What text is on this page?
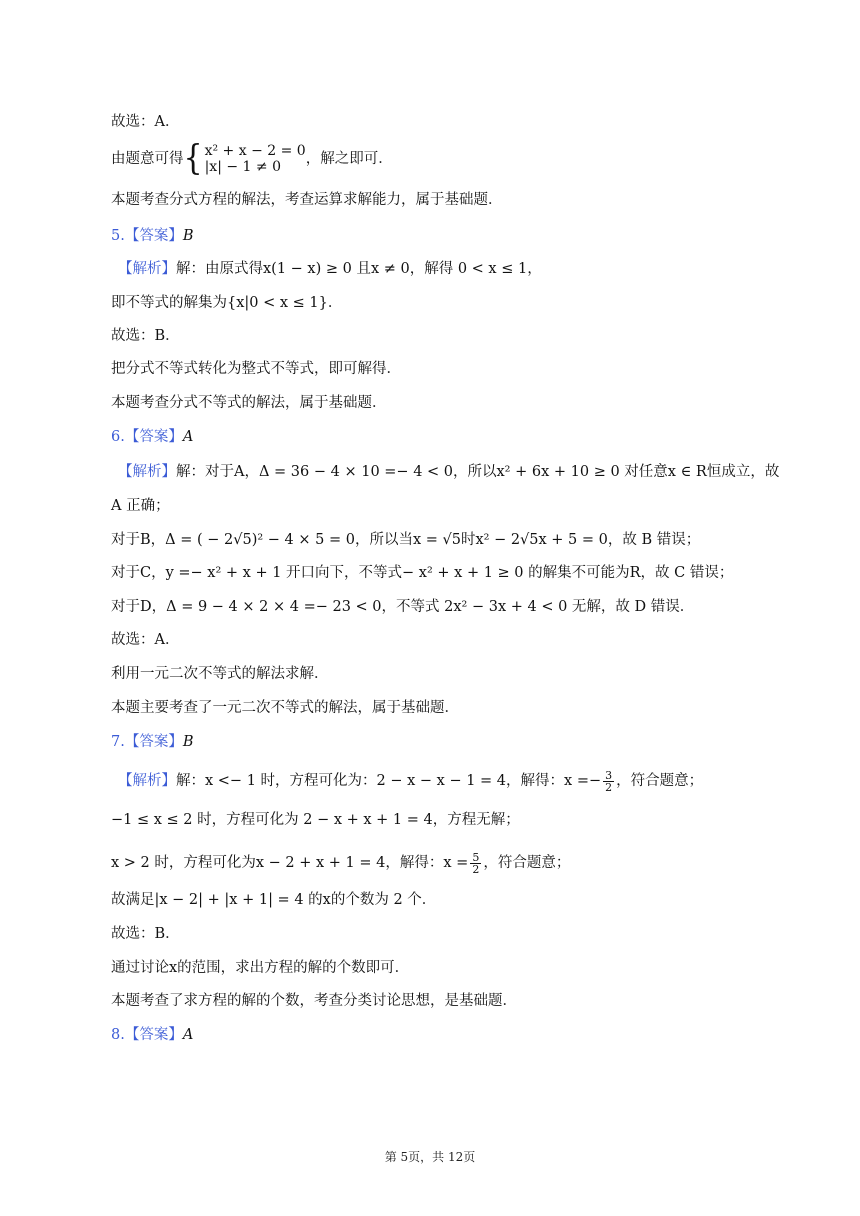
故选：A．
由题意可得{ x² + x − 2 = 0
|x| − 1 ≠ 0	，解之即可．
本题考查分式方程的解法，考查运算求解能力，属于基础题．
5.【答案】B
【解析】解：由原式得x(1 − x) ≥ 0 且x ≠ 0，解得 0 < x ≤ 1，
即不等式的解集为{x|0 < x ≤ 1}．
故选：B．
把分式不等式转化为整式不等式，即可解得．
本题考查分式不等式的解法，属于基础题．
6.【答案】A
【解析】解：对于A，Δ = 36 − 4 × 10 =− 4 < 0，所以x² + 6x + 10 ≥ 0 对任意x ∈ R恒成立，故
A 正确；
对于B，Δ = ( − 2√5)² − 4 × 5 = 0，所以当x = √5时x² − 2√5x + 5 = 0，故 B 错误；
对于C，y =− x² + x + 1 开口向下，不等式− x² + x + 1 ≥ 0 的解集不可能为R，故 C 错误；
对于D，Δ = 9 − 4 × 2 × 4 =− 23 < 0，不等式 2x² − 3x + 4 < 0 无解，故 D 错误．
故选：A．
利用一元二次不等式的解法求解．
本题主要考查了一元二次不等式的解法，属于基础题．
7.【答案】B
【解析】解：x <− 1 时，方程可化为：2 − x − x − 1 = 4，解得：$x =- \frac{3}{2}$ ，符合题意；
−1 ≤ x ≤ 2 时，方程可化为 2 − x + x + 1 = 4，方程无解；
x > 2 时，方程可化为x − 2 + x + 1 = 4，解得：$x = \frac{5}{2}$ ，符合题意；
故满足|x − 2| + |x + 1| = 4 的x的个数为 2 个．
故选：B．
通过讨论x的范围，求出方程的解的个数即可．
本题考查了求方程的解的个数，考查分类讨论思想，是基础题．
8.【答案】A
第 5页，共 12页
